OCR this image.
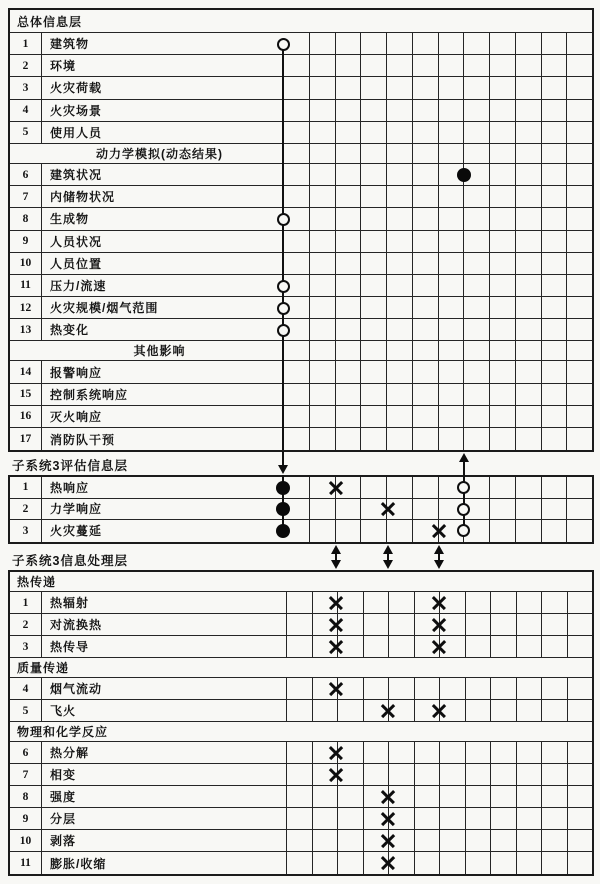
总体信息层
1	建筑物
2	环境
3	火灾荷载
4	火灾场景
5	使用人员
动力学模拟(动态结果)
6	建筑状况
7	内储物状况
8	生成物
9	人员状况
10	人员位置
11	压力/流速
12	火灾规模/烟气范围
13	热变化
其他影响
14	报警响应
15	控制系统响应
16	灭火响应
17	消防队干预
1	热响应
2	力学响应
3	火灾蔓延
热传递
1	热辐射
2	对流换热
3	热传导
质量传递
4	烟气流动
5	飞火
物理和化学反应
6	热分解
7	相变
8	强度
9	分层
10	剥落
11	膨胀/收缩
子系统3评估信息层
子系统3信息处理层
